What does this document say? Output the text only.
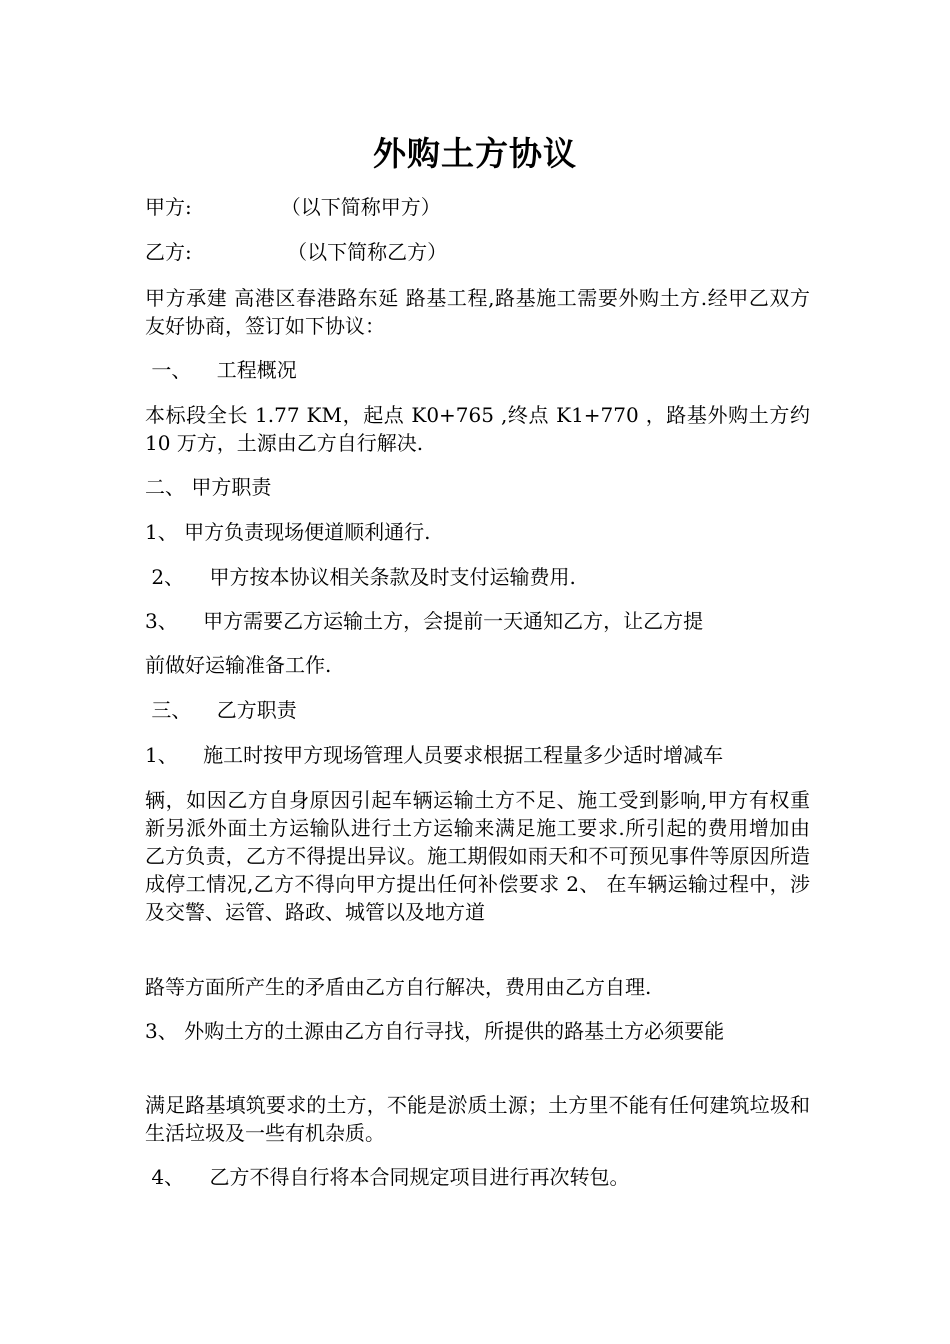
外购土方协议
甲方:              （以下简称甲方）
乙方:               （以下简称乙方）
甲方承建 高港区春港路东延 路基工程,路基施工需要外购土方.经甲乙双方友好协商，签订如下协议：
一、    工程概况
本标段全长 1.77 KM，起点 K0+765 ,终点 K1+770 ，路基外购土方约 10 万方，土源由乙方自行解决.
二、 甲方职责
1、 甲方负责现场便道顺利通行.
2、    甲方按本协议相关条款及时支付运输费用.
3、    甲方需要乙方运输土方，会提前一天通知乙方，让乙方提
前做好运输准备工作.
三、    乙方职责
1、    施工时按甲方现场管理人员要求根据工程量多少适时增减车
辆，如因乙方自身原因引起车辆运输土方不足、施工受到影响,甲方有权重新另派外面土方运输队进行土方运输来满足施工要求.所引起的费用增加由乙方负责，乙方不得提出异议。施工期假如雨天和不可预见事件等原因所造成停工情况,乙方不得向甲方提出任何补偿要求 2、 在车辆运输过程中，涉及交警、运管、路政、城管以及地方道
路等方面所产生的矛盾由乙方自行解决，费用由乙方自理.
3、 外购土方的土源由乙方自行寻找，所提供的路基土方必须要能
满足路基填筑要求的土方，不能是淤质土源；土方里不能有任何建筑垃圾和生活垃圾及一些有机杂质。
4、    乙方不得自行将本合同规定项目进行再次转包。
